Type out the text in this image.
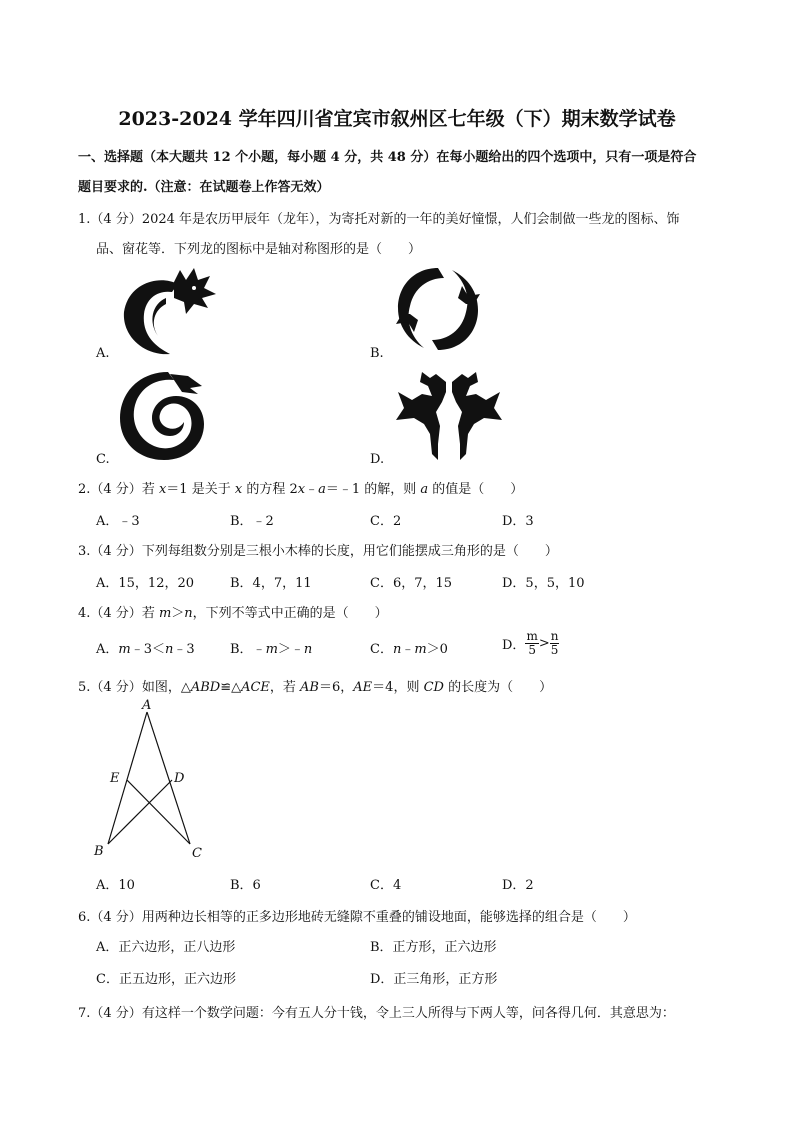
2023-2024 学年四川省宜宾市叙州区七年级（下）期末数学试卷
一、选择题（本大题共 12 个小题，每小题 4 分，共 48 分）在每小题给出的四个选项中，只有一项是符合
题目要求的.（注意：在试题卷上作答无效）
1.（4 分）2024 年是农历甲辰年（龙年），为寄托对新的一年的美好憧憬，人们会制做一些龙的图标、饰
品、窗花等．下列龙的图标中是轴对称图形的是（　　）
A.	B.
C.	D.
2.（4 分）若 x＝1 是关于 x 的方程 2x﹣a＝﹣1 的解，则 a 的值是（　　）
A．﹣3	B．﹣2	C．2	D．3
3.（4 分）下列每组数分别是三根小木棒的长度，用它们能摆成三角形的是（　　）
A．15，12，20	B．4，7，11	C．6，7，15	D．5，5，10
4.（4 分）若 m＞n，下列不等式中正确的是（　　）
A．m﹣3＜n﹣3	B．﹣m＞﹣n	C．n﹣m＞0	D． $\frac{m}{5} > \frac{n}{5}$
5.（4 分）如图，△ABD≌△ACE，若 AB＝6，AE＝4，则 CD 的长度为（　　）
A
E	D
B	C
A．10	B．6	C．4	D．2
6.（4 分）用两种边长相等的正多边形地砖无缝隙不重叠的铺设地面，能够选择的组合是（　　）
A．正六边形，正八边形	B．正方形，正六边形
C．正五边形，正六边形	D．正三角形，正方形
7.（4 分）有这样一个数学问题：今有五人分十钱，令上三人所得与下两人等，问各得几何．其意思为：
